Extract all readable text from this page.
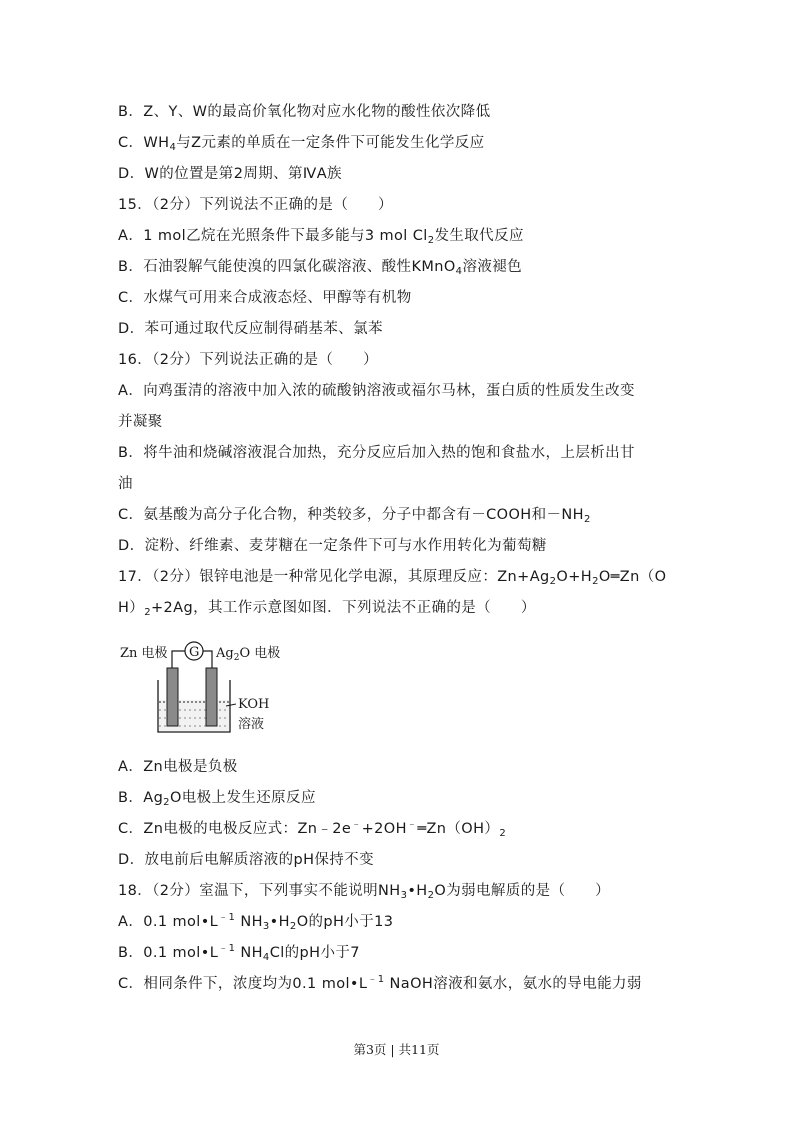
B．Z、Y、W的最高价氧化物对应水化物的酸性依次降低
C．$WH_4$与Z元素的单质在一定条件下可能发生化学反应
D．W的位置是第2周期、第ⅣA族
15．（2分）下列说法不正确的是（　　）
A．1 mol乙烷在光照条件下最多能与3 mol $Cl_2$发生取代反应
B．石油裂解气能使溴的四氯化碳溶液、酸性KMnO$_4$溶液褪色
C．水煤气可用来合成液态烃、甲醇等有机物
D．苯可通过取代反应制得硝基苯、氯苯
16．（2分）下列说法正确的是（　　）
A．向鸡蛋清的溶液中加入浓的硫酸钠溶液或福尔马林，蛋白质的性质发生改变
并凝聚
B．将牛油和烧碱溶液混合加热，充分反应后加入热的饱和食盐水，上层析出甘
油
C．氨基酸为高分子化合物，种类较多，分子中都含有－COOH和$-NH_2$
D．淀粉、纤维素、麦芽糖在一定条件下可与水作用转化为葡萄糖
17．（2分）银锌电池是一种常见化学电源，其原理反应：$Zn+Ag_2O+H_2O═Zn(O$
$H)_2+2Ag$，其工作示意图如图．下列说法不正确的是（　　）
Zn 电极	$Ag_2O$ 电极
G
KOH
溶液
A．Zn电极是负极
B．$Ag_2O$电极上发生还原反应
C．Zn电极的电极反应式：$Zn﹣2e^﹣+2OH^﹣═Zn(OH)_2$
D．放电前后电解质溶液的pH保持不变
18．（2分）室温下，下列事实不能说明$NH_3•H_2O$为弱电解质的是（　　）
A．0.1 $mol•L^{﹣1}$ $NH_3•H_2O$的pH小于13
B．0.1 $mol•L^{﹣1}$ $NH_4Cl$的pH小于7
C．相同条件下，浓度均为0.1 $mol•L^{﹣1}$ NaOH溶液和氨水，氨水的导电能力弱
第3页 | 共11页
